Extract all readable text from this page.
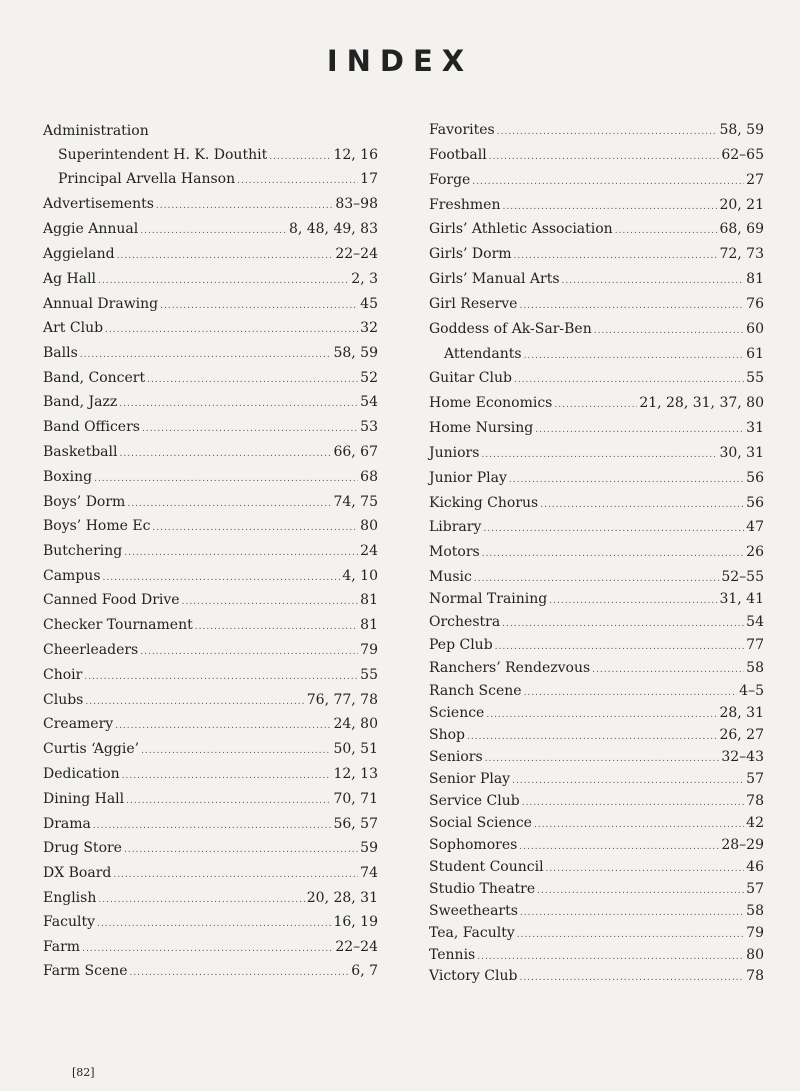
INDEX
Administration
Superintendent H. K. Douthit .....	12, 16
Principal Arvella Hanson .....	17
Advertisements .....	83–98
Aggie Annual .....	8, 48, 49, 83
Aggieland .....	22–24
Ag Hall .....	2, 3
Annual Drawing .....	45
Art Club .....	32
Balls .....	58, 59
Band, Concert .....	52
Band, Jazz .....	54
Band Officers .....	53
Basketball .....	66, 67
Boxing .....	68
Boys’ Dorm .....	74, 75
Boys’ Home Ec .....	80
Butchering .....	24
Campus .....	4, 10
Canned Food Drive .....	81
Checker Tournament .....	81
Cheerleaders .....	79
Choir .....	55
Clubs .....	76, 77, 78
Creamery .....	24, 80
Curtis ‘Aggie’ .....	50, 51
Dedication .....	12, 13
Dining Hall .....	70, 71
Drama .....	56, 57
Drug Store .....	59
DX Board .....	74
English .....	20, 28, 31
Faculty .....	16, 19
Farm .....	22–24
Farm Scene .....	6, 7
Favorites .....	58, 59
Football .....	62–65
Forge .....	27
Freshmen .....	20, 21
Girls’ Athletic Association .....	68, 69
Girls’ Dorm .....	72, 73
Girls’ Manual Arts .....	81
Girl Reserve .....	76
Goddess of Ak-Sar-Ben .....	60
Attendants .....	61
Guitar Club .....	55
Home Economics .....	21, 28, 31, 37, 80
Home Nursing .....	31
Juniors .....	30, 31
Junior Play .....	56
Kicking Chorus .....	56
Library .....	47
Motors .....	26
Music .....	52–55
Normal Training .....	31, 41
Orchestra .....	54
Pep Club .....	77
Ranchers’ Rendezvous .....	58
Ranch Scene .....	4–5
Science .....	28, 31
Shop .....	26, 27
Seniors .....	32–43
Senior Play .....	57
Service Club .....	78
Social Science .....	42
Sophomores .....	28–29
Student Council .....	46
Studio Theatre .....	57
Sweethearts .....	58
Tea, Faculty .....	79
Tennis .....	80
Victory Club .....	78

[82]
